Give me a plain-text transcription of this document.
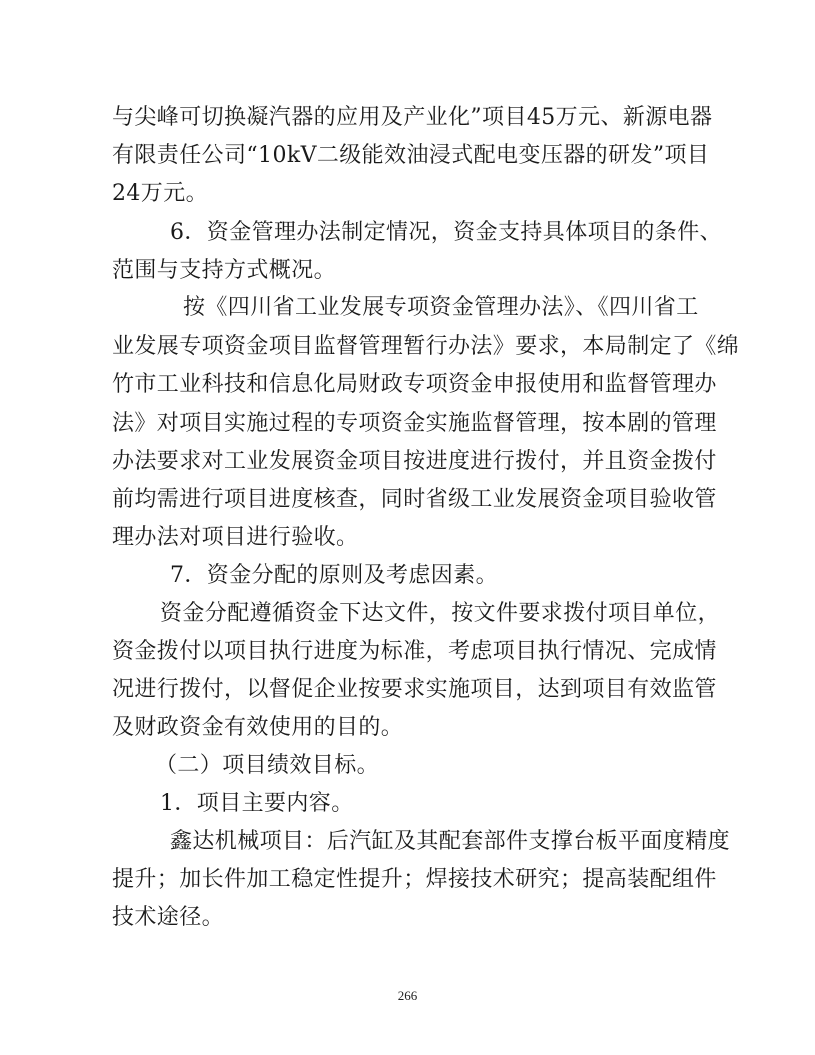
与尖峰可切换凝汽器的应用及产业化”项目45万元、新源电器
有限责任公司“10kV二级能效油浸式配电变压器的研发”项目
24万元。
6．资金管理办法制定情况，资金支持具体项目的条件、
范围与支持方式概况。
按《四川省工业发展专项资金管理办法》、《四川省工
业发展专项资金项目监督管理暂行办法》要求，本局制定了《绵
竹市工业科技和信息化局财政专项资金申报使用和监督管理办
法》对项目实施过程的专项资金实施监督管理，按本剧的管理
办法要求对工业发展资金项目按进度进行拨付，并且资金拨付
前均需进行项目进度核查，同时省级工业发展资金项目验收管
理办法对项目进行验收。
7．资金分配的原则及考虑因素。
资金分配遵循资金下达文件，按文件要求拨付项目单位，
资金拨付以项目执行进度为标准，考虑项目执行情况、完成情
况进行拨付，以督促企业按要求实施项目，达到项目有效监管
及财政资金有效使用的目的。
（二）项目绩效目标。
1．项目主要内容。
鑫达机械项目：后汽缸及其配套部件支撑台板平面度精度
提升；加长件加工稳定性提升；焊接技术研究；提高装配组件
技术途径。
266
